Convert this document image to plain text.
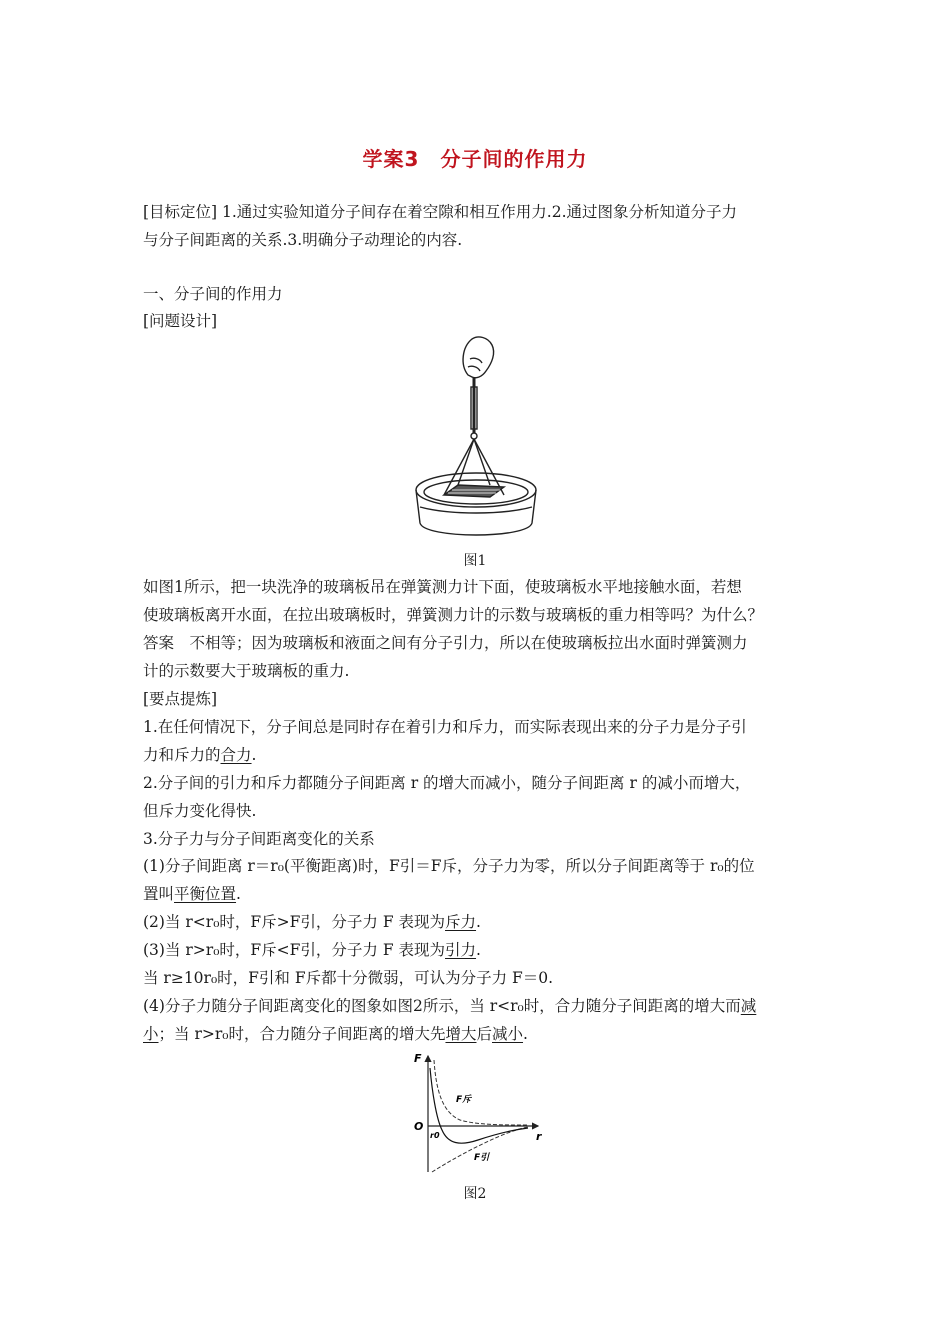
学案3　分子间的作用力
[目标定位] 1.通过实验知道分子间存在着空隙和相互作用力.2.通过图象分析知道分子力
与分子间距离的关系.3.明确分子动理论的内容.
一、分子间的作用力
[问题设计]
图1
如图1所示，把一块洗净的玻璃板吊在弹簧测力计下面，使玻璃板水平地接触水面，若想
使玻璃板离开水面，在拉出玻璃板时，弹簧测力计的示数与玻璃板的重力相等吗？为什么？
答案　不相等；因为玻璃板和液面之间有分子引力，所以在使玻璃板拉出水面时弹簧测力
计的示数要大于玻璃板的重力.
[要点提炼]
1.在任何情况下，分子间总是同时存在着引力和斥力，而实际表现出来的分子力是分子引
力和斥力的合力.
2.分子间的引力和斥力都随分子间距离 r 的增大而减小，随分子间距离 r 的减小而增大，
但斥力变化得快.
3.分子力与分子间距离变化的关系
(1)分子间距离 r＝r₀(平衡距离)时，F引＝F斥，分子力为零，所以分子间距离等于 r₀的位
置叫平衡位置.
(2)当 r<r₀时，F斥>F引，分子力 F 表现为斥力.
(3)当 r>r₀时，F斥<F引，分子力 F 表现为引力.
当 r≥10r₀时，F引和 F斥都十分微弱，可认为分子力 F＝0.
(4)分子力随分子间距离变化的图象如图2所示，当 r<r₀时，合力随分子间距离的增大而减
小；当 r>r₀时，合力随分子间距离的增大先增大后减小.
F
r
O
r0
F斥
F引
图2
